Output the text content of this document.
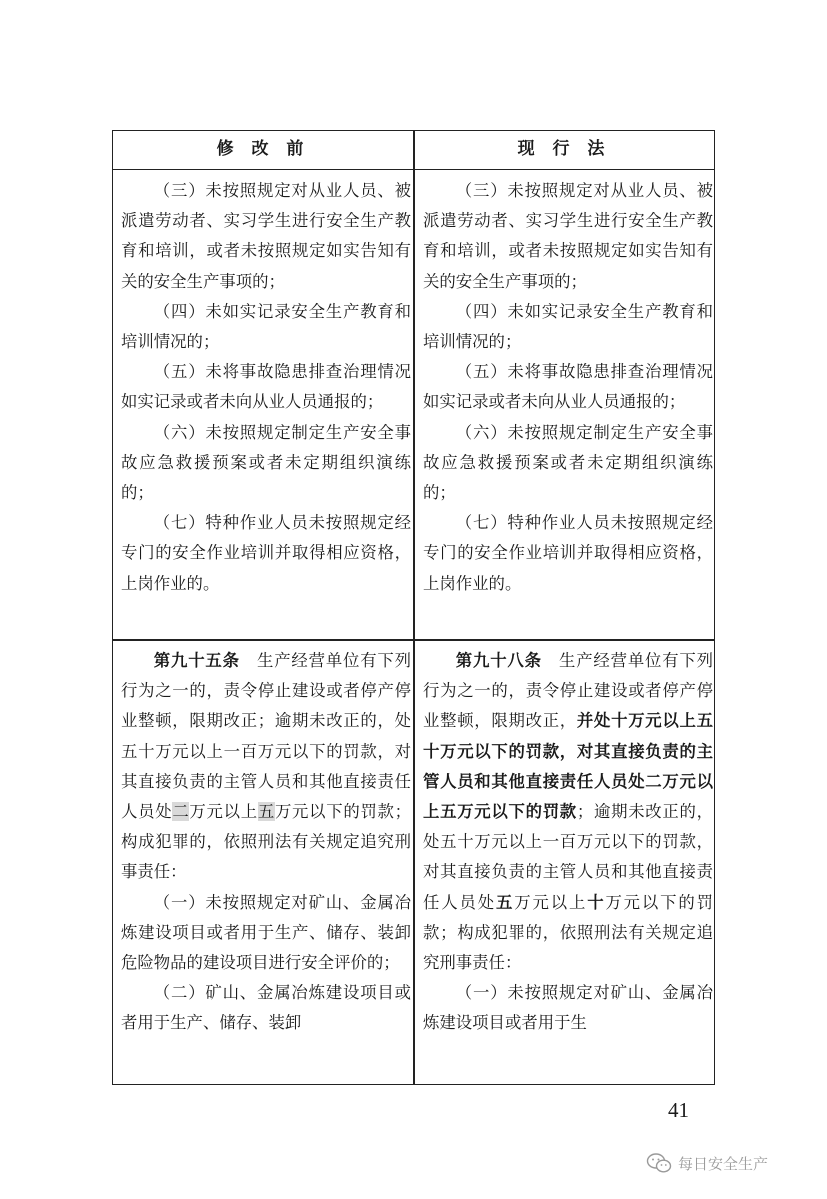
修 改 前	现 行 法

（三）未按照规定对从业人员、被派遣劳动者、实习学生进行安全生产教育和培训，或者未按照规定如实告知有关的安全生产事项的；

（四）未如实记录安全生产教育和培训情况的；

（五）未将事故隐患排查治理情况如实记录或者未向从业人员通报的；

（六）未按照规定制定生产安全事故应急救援预案或者未定期组织演练的；

（七）特种作业人员未按照规定经专门的安全作业培训并取得相应资格，上岗作业的。

（三）未按照规定对从业人员、被派遣劳动者、实习学生进行安全生产教育和培训，或者未按照规定如实告知有关的安全生产事项的；

（四）未如实记录安全生产教育和培训情况的；

（五）未将事故隐患排查治理情况如实记录或者未向从业人员通报的；

（六）未按照规定制定生产安全事故应急救援预案或者未定期组织演练的；

（七）特种作业人员未按照规定经专门的安全作业培训并取得相应资格，上岗作业的。

第九十五条　生产经营单位有下列行为之一的，责令停止建设或者停产停业整顿，限期改正；逾期未改正的，处五十万元以上一百万元以下的罚款，对其直接负责的主管人员和其他直接责任人员处二万元以上五万元以下的罚款；构成犯罪的，依照刑法有关规定追究刑事责任：

（一）未按照规定对矿山、金属冶炼建设项目或者用于生产、储存、装卸危险物品的建设项目进行安全评价的；

（二）矿山、金属冶炼建设项目或者用于生产、储存、装卸

第九十八条　生产经营单位有下列行为之一的，责令停止建设或者停产停业整顿，限期改正，并处十万元以上五十万元以下的罚款，对其直接负责的主管人员和其他直接责任人员处二万元以上五万元以下的罚款；逾期未改正的，处五十万元以上一百万元以下的罚款，对其直接负责的主管人员和其他直接责任人员处五万元以上十万元以下的罚款；构成犯罪的，依照刑法有关规定追究刑事责任：

（一）未按照规定对矿山、金属冶炼建设项目或者用于生

41
每日安全生产
